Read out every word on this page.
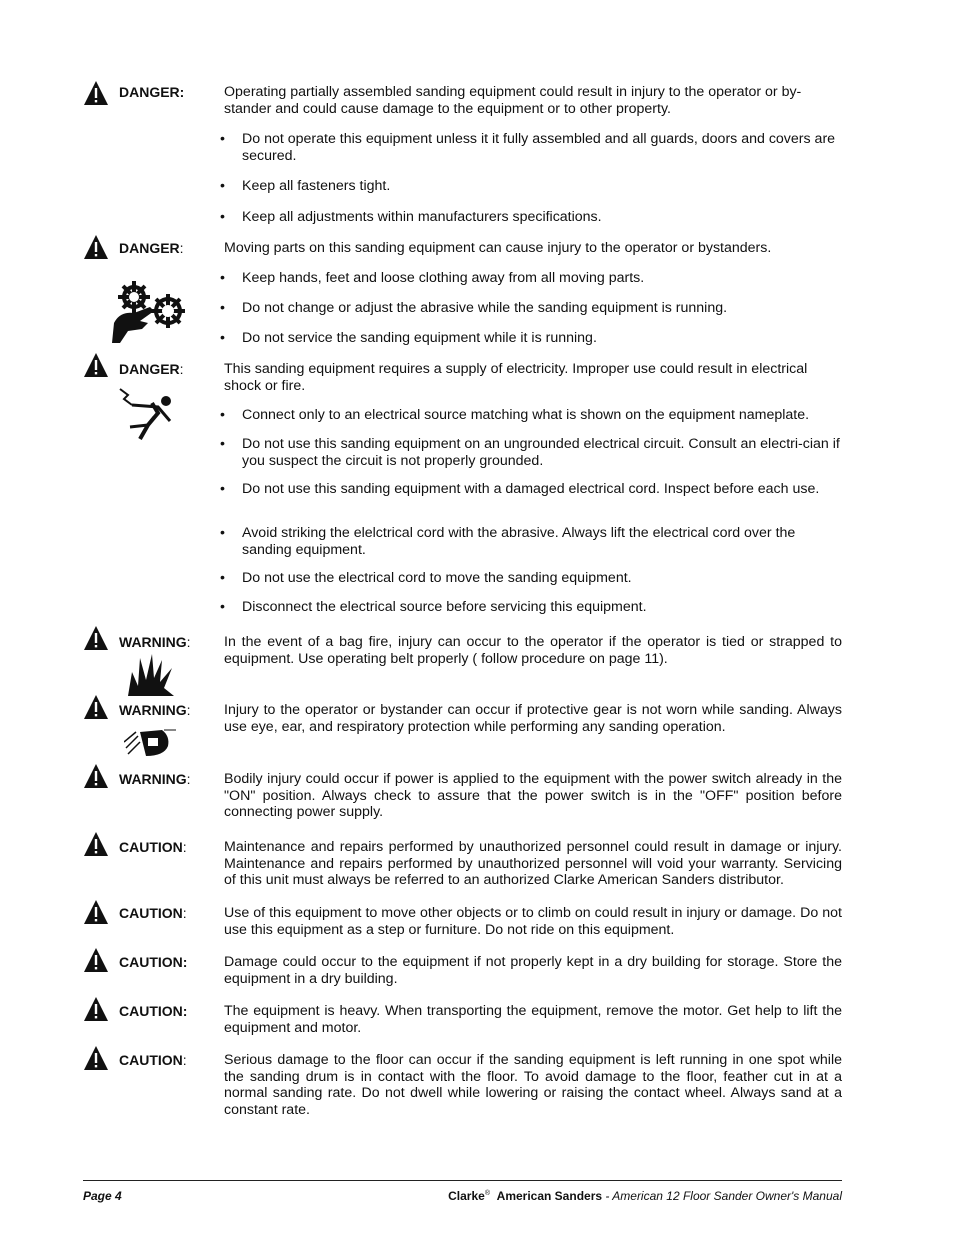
DANGER:	Operating partially assembled sanding equipment could result in injury to the operator or by-stander and could cause damage to the equipment or to other property.
• Do not operate this equipment unless it it fully assembled and all guards, doors and covers are secured.
• Keep all fasteners tight.
• Keep all adjustments within manufacturers specifications.
DANGER:	Moving parts on this sanding equipment can cause injury to the operator or bystanders.
• Keep hands, feet and loose clothing away from all moving parts.
• Do not change or adjust the abrasive while the sanding equipment is running.
• Do not service the sanding equipment while it is running.
DANGER:	This sanding equipment requires a supply of electricity. Improper use could result in electrical shock or fire.
• Connect only to an electrical source matching what is shown on the equipment nameplate.
• Do not use this sanding equipment on an ungrounded electrical circuit. Consult an electri-cian if you suspect the circuit is not properly grounded.
• Do not use this sanding equipment with a damaged electrical cord. Inspect before each use.
• Avoid striking the elelctrical cord with the abrasive. Always lift the electrical cord over the sanding equipment.
• Do not use the electrical cord to move the sanding equipment.
• Disconnect the electrical source before servicing this equipment.
WARNING: In the event of a bag fire, injury can occur to the operator if the operator is tied or strapped to equipment. Use operating belt properly ( follow procedure on page 11).
WARNING: Injury to the operator or bystander can occur if protective gear is not worn while sanding. Always use eye, ear, and respiratory protection while performing any sanding operation.
WARNING: Bodily injury could occur if power is applied to the equipment with the power switch already in the "ON" position. Always check to assure that the power switch is in the "OFF" position before connecting power supply.
CAUTION:	Maintenance and repairs performed by unauthorized personnel could result in damage or injury. Maintenance and repairs performed by unauthorized personnel will void your warranty. Servicing of this unit must always be referred to an authorized Clarke American Sanders distributor.
CAUTION:	Use of this equipment to move other objects or to climb on could result in injury or damage. Do not use this equipment as a step or furniture. Do not ride on this equipment.
CAUTION:	Damage could occur to the equipment if not properly kept in a dry building for storage. Store the equipment in a dry building.
CAUTION:	The equipment is heavy. When transporting the equipment, remove the motor. Get help to lift the equipment and motor.
CAUTION:	Serious damage to the floor can occur if the sanding equipment is left running in one spot while the sanding drum is in contact with the floor. To avoid damage to the floor, feather cut in at a normal sanding rate. Do not dwell while lowering or raising the contact wheel. Always sand at a constant rate.
Page 4	Clarke® American Sanders - American 12 Floor Sander Owner's Manual
